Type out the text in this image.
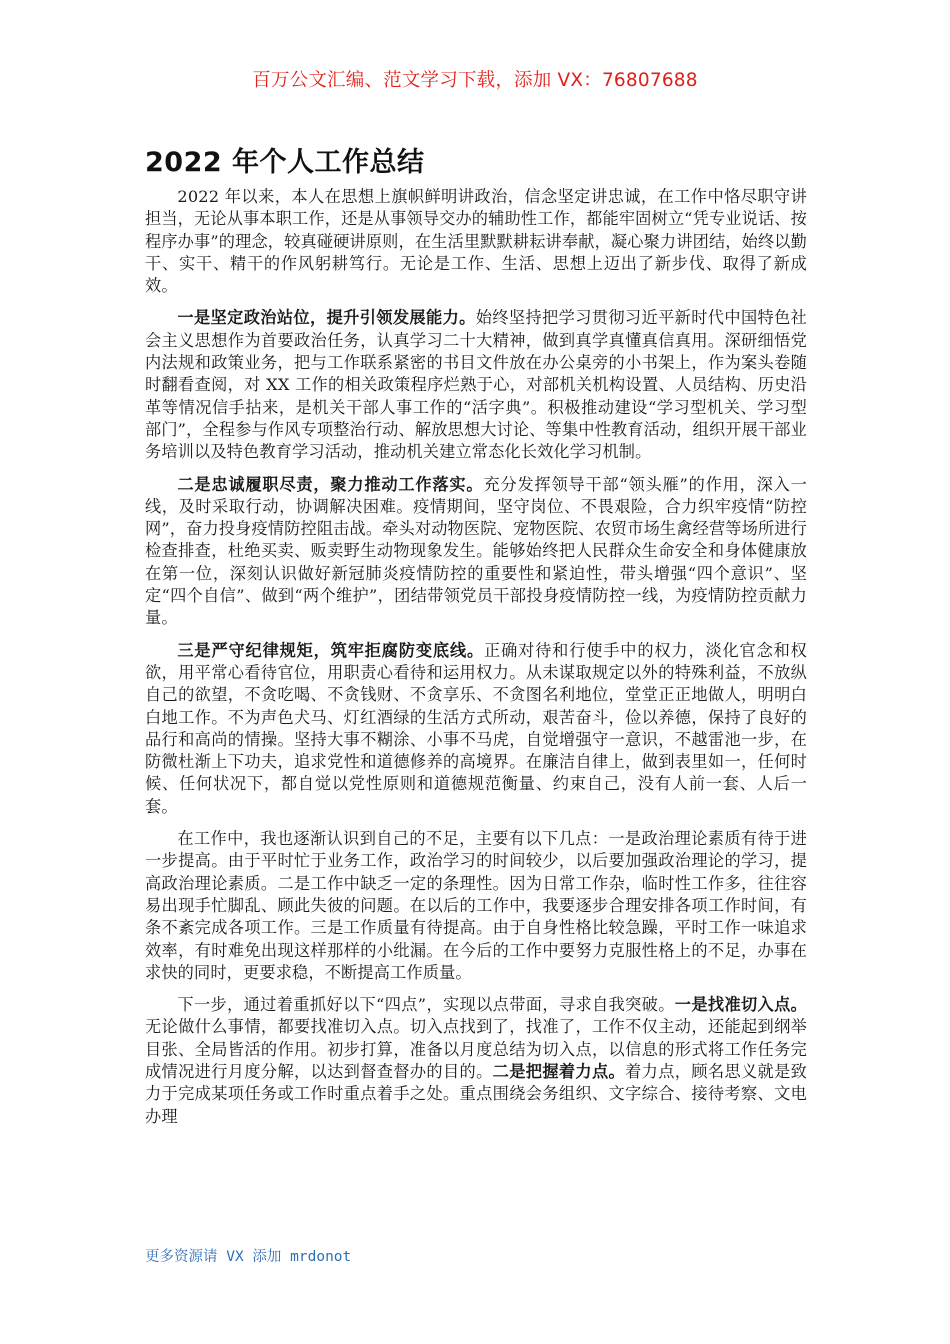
百万公文汇编、范文学习下载，添加 VX：76807688
2022 年个人工作总结

2022 年以来，本人在思想上旗帜鲜明讲政治，信念坚定讲忠诚，在工作中恪尽职守讲担当，无论从事本职工作，还是从事领导交办的辅助性工作，都能牢固树立“凭专业说话、按程序办事”的理念，较真碰硬讲原则，在生活里默默耕耘讲奉献，凝心聚力讲团结，始终以勤干、实干、精干的作风躬耕笃行。无论是工作、生活、思想上迈出了新步伐、取得了新成效。

一是坚定政治站位，提升引领发展能力。始终坚持把学习贯彻习近平新时代中国特色社会主义思想作为首要政治任务，认真学习二十大精神，做到真学真懂真信真用。深研细悟党内法规和政策业务，把与工作联系紧密的书目文件放在办公桌旁的小书架上，作为案头卷随时翻看查阅，对 XX 工作的相关政策程序烂熟于心，对部机关机构设置、人员结构、历史沿革等情况信手拈来，是机关干部人事工作的“活字典”。积极推动建设“学习型机关、学习型部门”，全程参与作风专项整治行动、解放思想大讨论、等集中性教育活动，组织开展干部业务培训以及特色教育学习活动，推动机关建立常态化长效化学习机制。

二是忠诚履职尽责，聚力推动工作落实。充分发挥领导干部“领头雁”的作用，深入一线，及时采取行动，协调解决困难。疫情期间，坚守岗位、不畏艰险，合力织牢疫情“防控网”，奋力投身疫情防控阻击战。牵头对动物医院、宠物医院、农贸市场生禽经营等场所进行检查排查，杜绝买卖、贩卖野生动物现象发生。能够始终把人民群众生命安全和身体健康放在第一位，深刻认识做好新冠肺炎疫情防控的重要性和紧迫性，带头增强“四个意识”、坚定“四个自信”、做到“两个维护”，团结带领党员干部投身疫情防控一线，为疫情防控贡献力量。

三是严守纪律规矩，筑牢拒腐防变底线。正确对待和行使手中的权力，淡化官念和权欲，用平常心看待官位，用职责心看待和运用权力。从未谋取规定以外的特殊利益，不放纵自己的欲望，不贪吃喝、不贪钱财、不贪享乐、不贪图名利地位，堂堂正正地做人，明明白白地工作。不为声色犬马、灯红酒绿的生活方式所动，艰苦奋斗，俭以养德，保持了良好的品行和高尚的情操。坚持大事不糊涂、小事不马虎，自觉增强守一意识，不越雷池一步，在防微杜渐上下功夫，追求党性和道德修养的高境界。在廉洁自律上，做到表里如一，任何时候、任何状况下，都自觉以党性原则和道德规范衡量、约束自己，没有人前一套、人后一套。

在工作中，我也逐渐认识到自己的不足，主要有以下几点：一是政治理论素质有待于进一步提高。由于平时忙于业务工作，政治学习的时间较少，以后要加强政治理论的学习，提高政治理论素质。二是工作中缺乏一定的条理性。因为日常工作杂，临时性工作多，往往容易出现手忙脚乱、顾此失彼的问题。在以后的工作中，我要逐步合理安排各项工作时间，有条不紊完成各项工作。三是工作质量有待提高。由于自身性格比较急躁，平时工作一味追求效率，有时难免出现这样那样的小纰漏。在今后的工作中要努力克服性格上的不足，办事在求快的同时，更要求稳，不断提高工作质量。

下一步，通过着重抓好以下“四点”，实现以点带面，寻求自我突破。一是找准切入点。无论做什么事情，都要找准切入点。切入点找到了，找准了，工作不仅主动，还能起到纲举目张、全局皆活的作用。初步打算，准备以月度总结为切入点，以信息的形式将工作任务完成情况进行月度分解，以达到督查督办的目的。二是把握着力点。着力点，顾名思义就是致力于完成某项任务或工作时重点着手之处。重点围绕会务组织、文字综合、接待考察、文电办理

更多资源请 VX 添加 mrdonot
